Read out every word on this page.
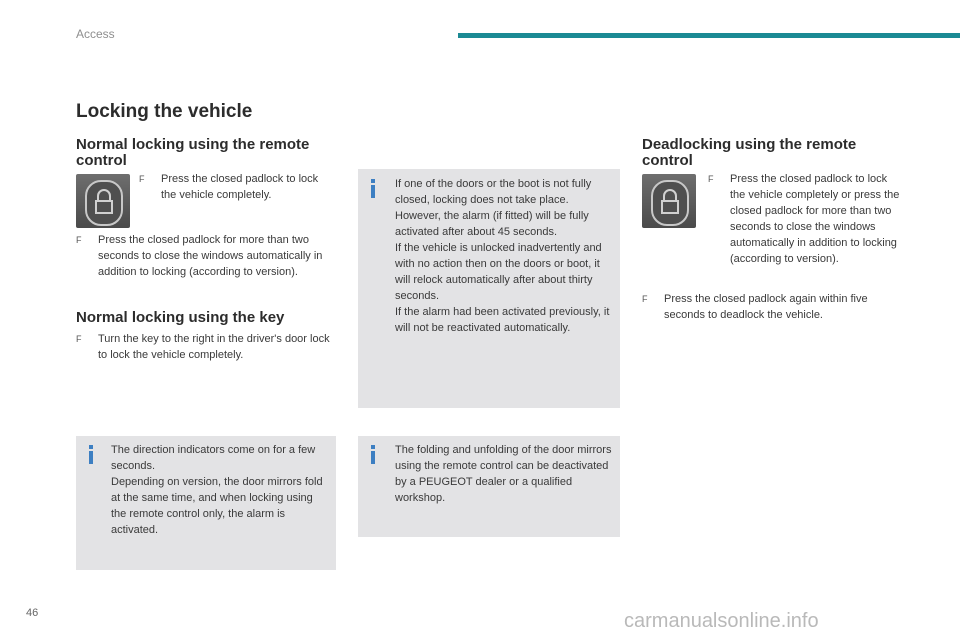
Access
Locking the vehicle
Normal locking using the remote control
F Press the closed padlock to lock the vehicle completely.
F Press the closed padlock for more than two seconds to close the windows automatically in addition to locking (according to version).
Normal locking using the key
F Turn the key to the right in the driver's door lock to lock the vehicle completely.

The direction indicators come on for a few seconds.

Depending on version, the door mirrors fold at the same time, and when locking using the remote control only, the alarm is activated.

If one of the doors or the boot is not fully closed, locking does not take place.

However, the alarm (if fitted) will be fully activated after about 45 seconds.

If the vehicle is unlocked inadvertently and with no action then on the doors or boot, it will relock automatically after about thirty seconds.

If the alarm had been activated previously, it will not be reactivated automatically.

The folding and unfolding of the door mirrors using the remote control can be deactivated by a PEUGEOT dealer or a qualified workshop.

Deadlocking using the remote control
F Press the closed padlock to lock the vehicle completely or press the closed padlock for more than two seconds to close the windows automatically in addition to locking (according to version).
F Press the closed padlock again within five seconds to deadlock the vehicle.
46	carmanualsonline.info
